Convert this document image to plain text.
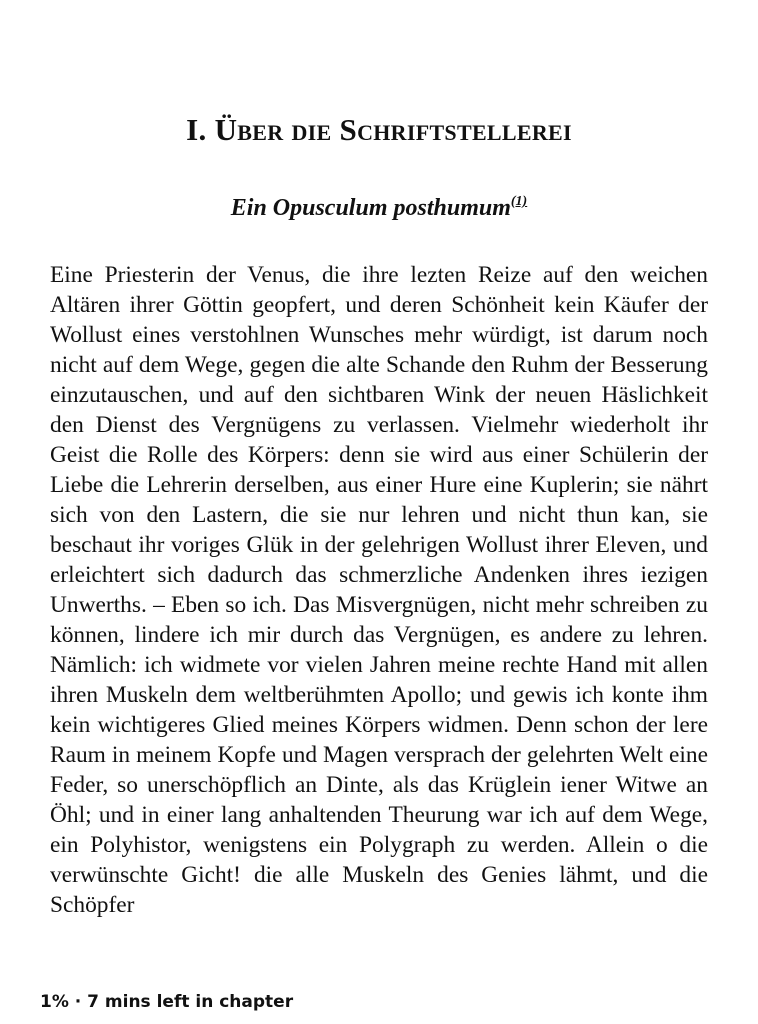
I. Über die Schriftstellerei
Ein Opusculum posthumum$^{(1)}$

Eine Priesterin der Venus, die ihre lezten Reize auf den weichen Altären ihrer Göttin geopfert, und deren Schönheit kein Käufer der Wollust eines verstohlnen Wunsches mehr würdigt, ist darum noch nicht auf dem Wege, gegen die alte Schande den Ruhm der Besserung einzutauschen, und auf den sichtbaren Wink der neuen Häslichkeit den Dienst des Vergnügens zu verlassen. Vielmehr wiederholt ihr Geist die Rolle des Körpers: denn sie wird aus einer Schülerin der Liebe die Lehrerin derselben, aus einer Hure eine Kuplerin; sie nährt sich von den Lastern, die sie nur lehren und nicht thun kan, sie beschaut ihr voriges Glük in der gelehrigen Wollust ihrer Eleven, und erleichtert sich dadurch das schmerzliche Andenken ihres iezigen Unwerths. – Eben so ich. Das Misvergnügen, nicht mehr schreiben zu können, lindere ich mir durch das Vergnügen, es andere zu lehren. Nämlich: ich widmete vor vielen Jahren meine rechte Hand mit allen ihren Muskeln dem weltberühmten Apollo; und gewis ich konte ihm kein wichtigeres Glied meines Körpers widmen. Denn schon der lere Raum in meinem Kopfe und Magen versprach der gelehrten Welt eine Feder, so unerschöpflich an Dinte, als das Krüglein iener Witwe an Öhl; und in einer lang anhaltenden Theurung war ich auf dem Wege, ein Polyhistor, wenigstens ein Polygraph zu werden. Allein o die verwünschte Gicht! die alle Muskeln des Genies lähmt, und die Schöpfer

1% · 7 mins left in chapter
